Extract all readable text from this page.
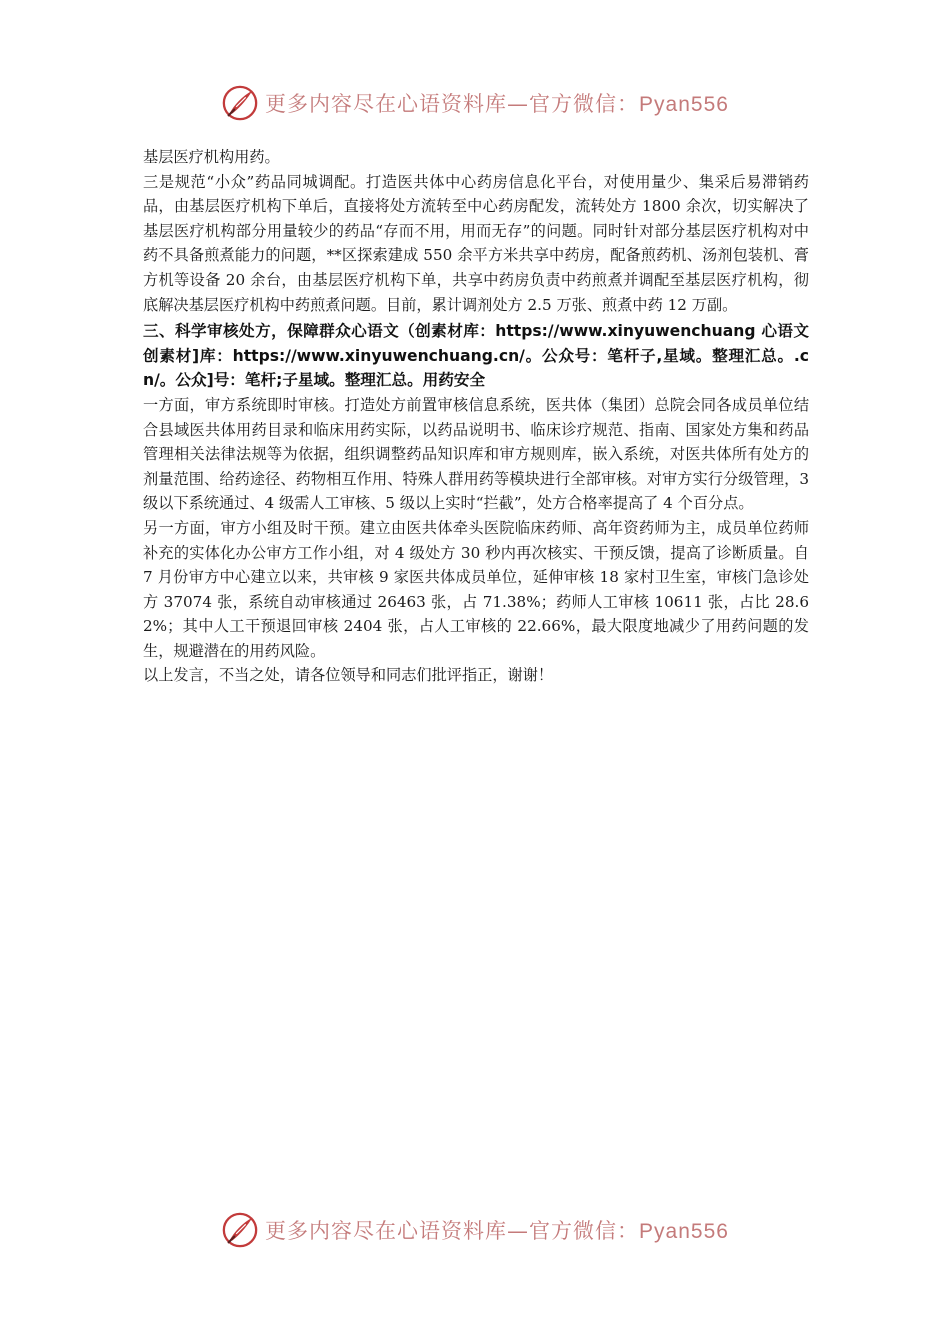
更多内容尽在心语资料库—官方微信：Pyan556

基层医疗机构用药。

三是规范“小众”药品同城调配。打造医共体中心药房信息化平台，对使用量少、集采后易滞销药品，由基层医疗机构下单后，直接将处方流转至中心药房配发，流转处方 1800 余次，切实解决了基层医疗机构部分用量较少的药品“存而不用，用而无存”的问题。同时针对部分基层医疗机构对中药不具备煎煮能力的问题，**区探索建成 550 余平方米共享中药房，配备煎药机、汤剂包装机、膏方机等设备 20 余台，由基层医疗机构下单，共享中药房负责中药煎煮并调配至基层医疗机构，彻底解决基层医疗机构中药煎煮问题。目前，累计调剂处方 2.5 万张、煎煮中药 12 万副。

三、科学审核处方，保障群众心语文（创素材库：https://www.xinyuwenchuang 心语文创素材]库：https://www.xinyuwenchuang.cn/。公众号：笔杆子,星域。整理汇总。.cn/。公众]号：笔杆;子星域。整理汇总。用药安全

一方面，审方系统即时审核。打造处方前置审核信息系统，医共体（集团）总院会同各成员单位结合县域医共体用药目录和临床用药实际，以药品说明书、临床诊疗规范、指南、国家处方集和药品管理相关法律法规等为依据，组织调整药品知识库和审方规则库，嵌入系统，对医共体所有处方的剂量范围、给药途径、药物相互作用、特殊人群用药等模块进行全部审核。对审方实行分级管理，3 级以下系统通过、4 级需人工审核、5 级以上实时“拦截”，处方合格率提高了 4 个百分点。

另一方面，审方小组及时干预。建立由医共体牵头医院临床药师、高年资药师为主，成员单位药师补充的实体化办公审方工作小组，对 4 级处方 30 秒内再次核实、干预反馈，提高了诊断质量。自 7 月份审方中心建立以来，共审核 9 家医共体成员单位，延伸审核 18 家村卫生室，审核门急诊处方 37074 张，系统自动审核通过 26463 张，占 71.38%；药师人工审核 10611 张，占比 28.62%；其中人工干预退回审核 2404 张，占人工审核的 22.66%，最大限度地减少了用药问题的发生，规避潜在的用药风险。

以上发言，不当之处，请各位领导和同志们批评指正，谢谢！

更多内容尽在心语资料库—官方微信：Pyan556
